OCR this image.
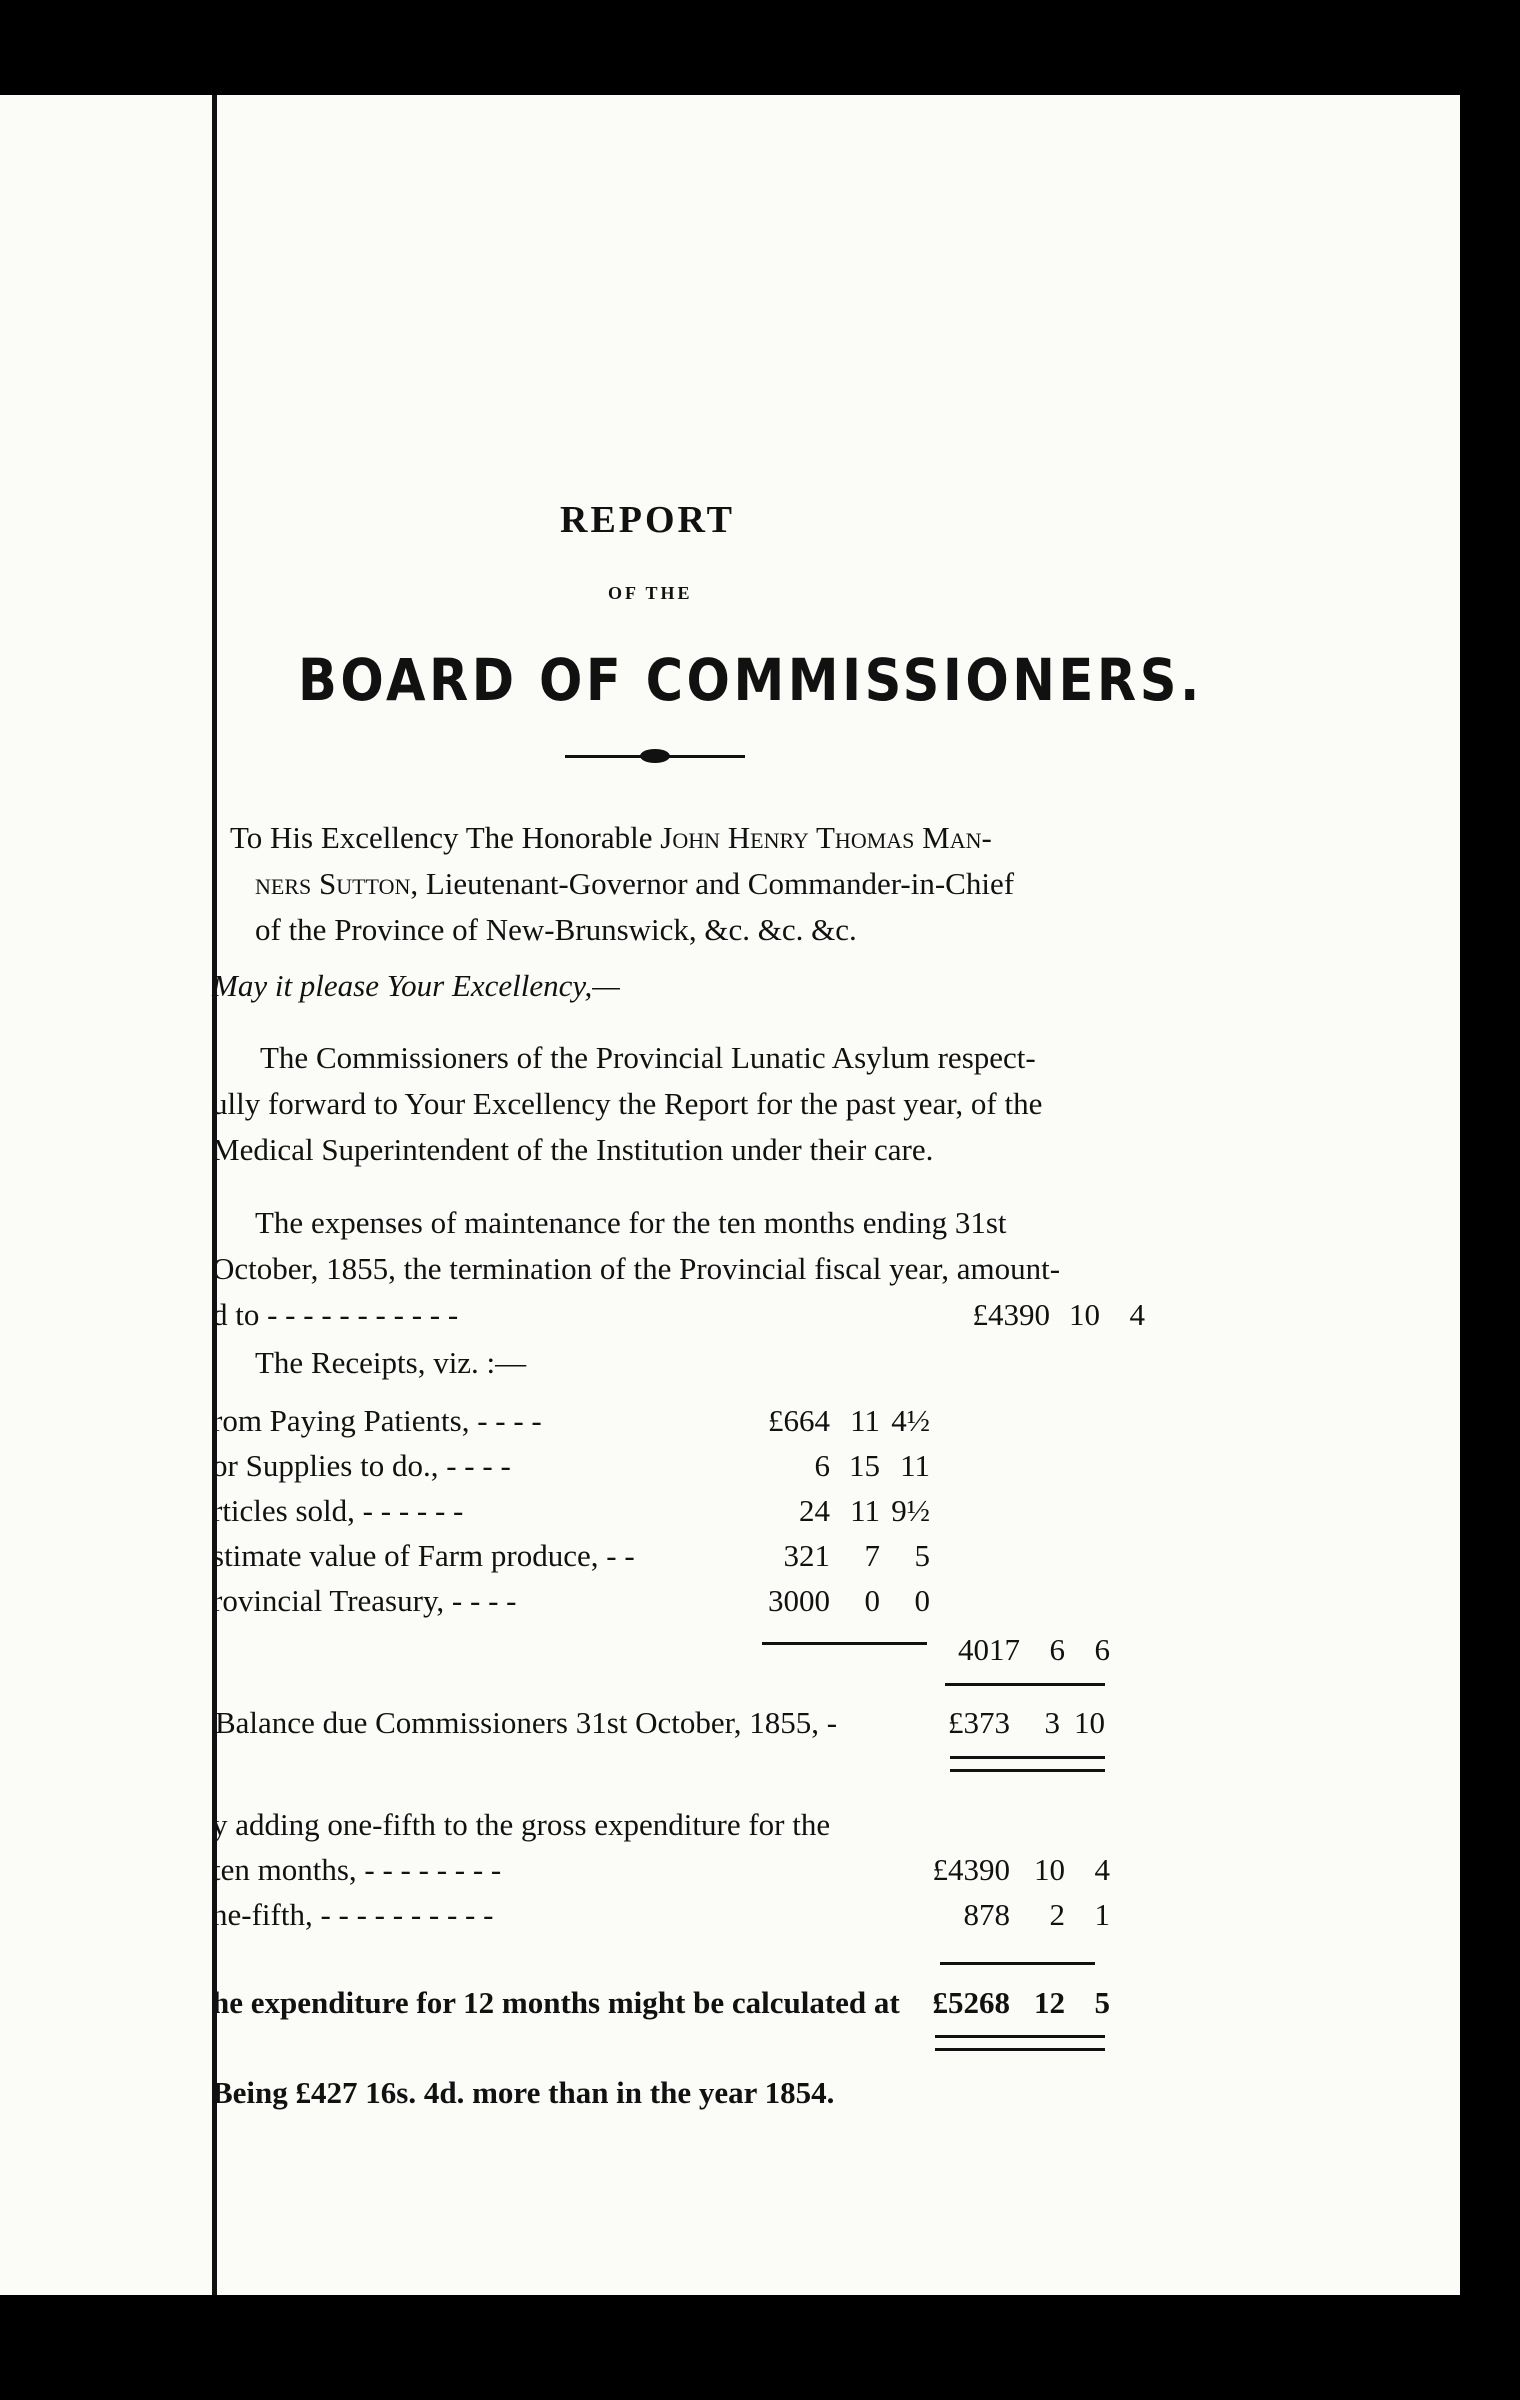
REPORT
OF THE
BOARD OF COMMISSIONERS.
To His Excellency The Honorable John Henry Thomas Man-
ners Sutton, Lieutenant-Governor and Commander-in-Chief
of the Province of New-Brunswick, &c. &c. &c.
May it please Your Excellency,—
The Commissioners of the Provincial Lunatic Asylum respect-
ully forward to Your Excellency the Report for the past year, of the
Medical Superintendent of the Institution under their care.
The expenses of maintenance for the ten months ending 31st
October, 1855, the termination of the Provincial fiscal year, amount-
d to - - - - - - - - - - -	£4390 10 4
The Receipts, viz. :—
rom Paying Patients, - - - -	£664 11 4½
or Supplies to do., - - - -	6 15 11
rticles sold, - - - - - -	24 11 9½
stimate value of Farm produce, - -	321	7	5
rovincial Treasury, - - - -	3000	0	0
4017 6 6
Balance due Commissioners 31st October, 1855, -	£373	3 10
y adding one-fifth to the gross expenditure for the
ten months, - - - - - - - -	£4390 10 4
ne-fifth, - - - - - - - - - -	878	2 1
he expenditure for 12 months might be calculated at	£5268 12 5
Being £427 16s. 4d. more than in the year 1854.
